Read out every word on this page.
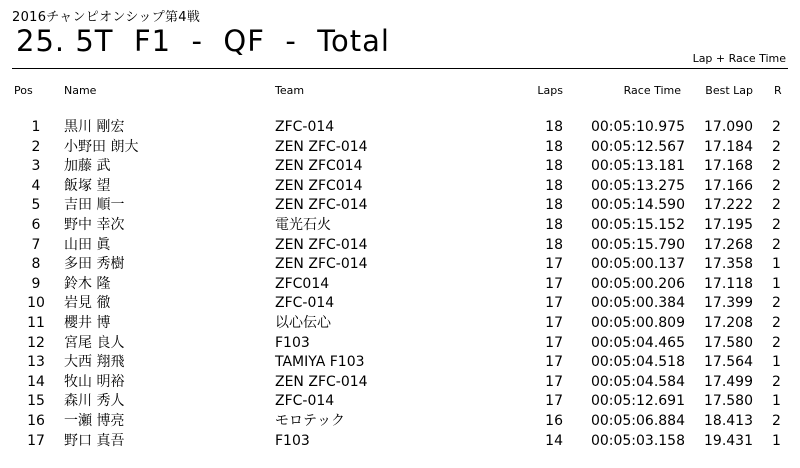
2016チャンピオンシップ第4戦
25. 5T  F1  -  QF  -  Total
Lap + Race Time
Pos	Name	Team	Laps	Race Time	Best Lap R
1	黒川 剛宏	ZFC-014	18	00:05:10.975	17.090 2
2	小野田 朗大	ZEN ZFC-014	18	00:05:12.567	17.184 2
3	加藤 武	ZEN ZFC014	18	00:05:13.181	17.168 2
4	飯塚 望	ZEN ZFC014	18	00:05:13.275	17.166 2
5	吉田 順一	ZEN ZFC-014	18	00:05:14.590	17.222 2
6	野中 幸次	電光石火	18	00:05:15.152	17.195 2
7	山田 眞	ZEN ZFC-014	18	00:05:15.790	17.268 2
8	多田 秀樹	ZEN ZFC-014	17	00:05:00.137	17.358 1
9	鈴木 隆	ZFC014	17	00:05:00.206	17.118 1
10 岩見 徹	ZFC-014	17	00:05:00.384	17.399 2
11 櫻井 博	以心伝心	17	00:05:00.809	17.208 2
12 宮尾 良人	F103	17	00:05:04.465	17.580 2
13 大西 翔飛	TAMIYA F103	17	00:05:04.518	17.564 1
14 牧山 明裕	ZEN ZFC-014	17	00:05:04.584	17.499 2
15 森川 秀人	ZFC-014	17	00:05:12.691	17.580 1
16 一瀬 博亮	モロテック	16	00:05:06.884	18.413 2
17 野口 真吾	F103	14	00:05:03.158	19.431 1
